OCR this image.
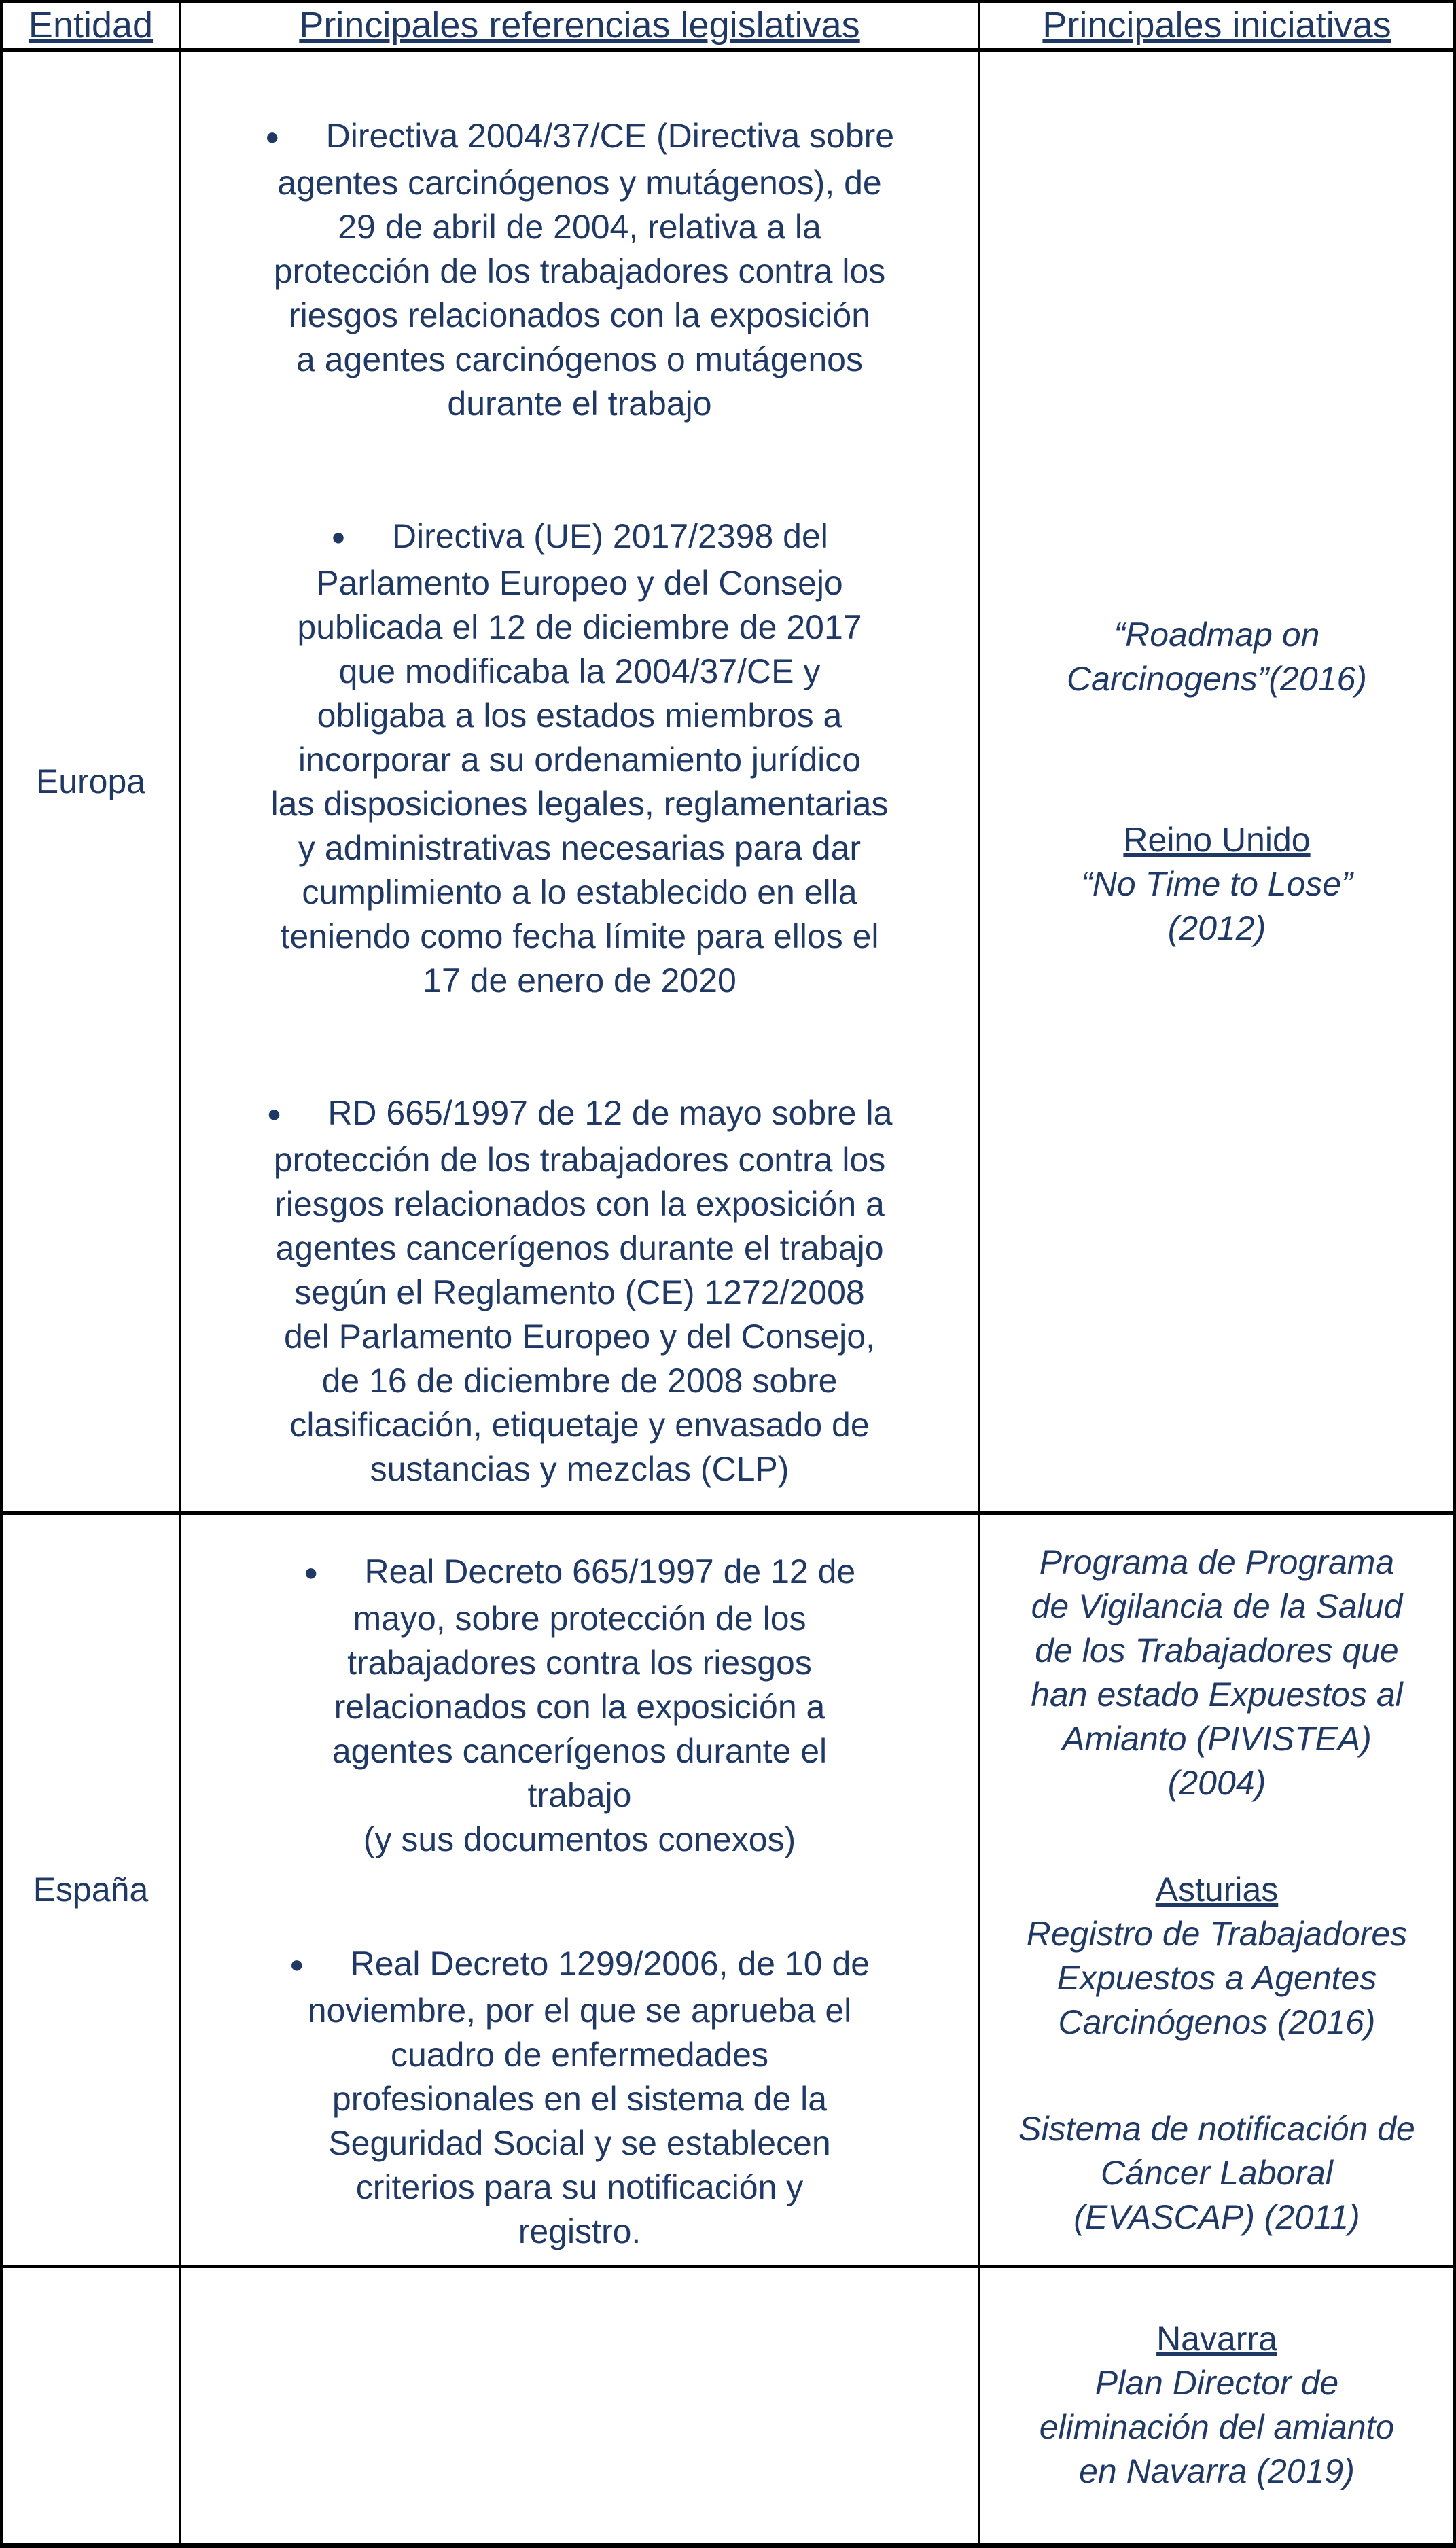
Entidad	Principales referencias legislativas	Principales iniciativas
Europa
● Directiva 2004/37/CE (Directiva sobre
agentes carcinógenos y mutágenos), de
29 de abril de 2004, relativa a la
protección de los trabajadores contra los
riesgos relacionados con la exposición
a agentes carcinógenos o mutágenos
durante el trabajo
● Directiva (UE) 2017/2398 del
Parlamento Europeo y del Consejo
publicada el 12 de diciembre de 2017
que modificaba la 2004/37/CE y
obligaba a los estados miembros a
incorporar a su ordenamiento jurídico
las disposiciones legales, reglamentarias
y administrativas necesarias para dar
cumplimiento a lo establecido en ella
teniendo como fecha límite para ellos el
17 de enero de 2020
● RD 665/1997 de 12 de mayo sobre la
protección de los trabajadores contra los
riesgos relacionados con la exposición a
agentes cancerígenos durante el trabajo
según el Reglamento (CE) 1272/2008
del Parlamento Europeo y del Consejo,
de 16 de diciembre de 2008 sobre
clasificación, etiquetaje y envasado de
sustancias y mezclas (CLP)
“Roadmap on
Carcinogens”(2016)
Reino Unido
“No Time to Lose”
(2012)
España
● Real Decreto 665/1997 de 12 de
mayo, sobre protección de los
trabajadores contra los riesgos
relacionados con la exposición a
agentes cancerígenos durante el
trabajo
(y sus documentos conexos)
● Real Decreto 1299/2006, de 10 de
noviembre, por el que se aprueba el
cuadro de enfermedades
profesionales en el sistema de la
Seguridad Social y se establecen
criterios para su notificación y
registro.
Programa de Programa
de Vigilancia de la Salud
de los Trabajadores que
han estado Expuestos al
Amianto (PIVISTEA)
(2004)
Asturias
Registro de Trabajadores
Expuestos a Agentes
Carcinógenos (2016)
Sistema de notificación de
Cáncer Laboral
(EVASCAP) (2011)
Navarra
Plan Director de
eliminación del amianto
en Navarra (2019)
